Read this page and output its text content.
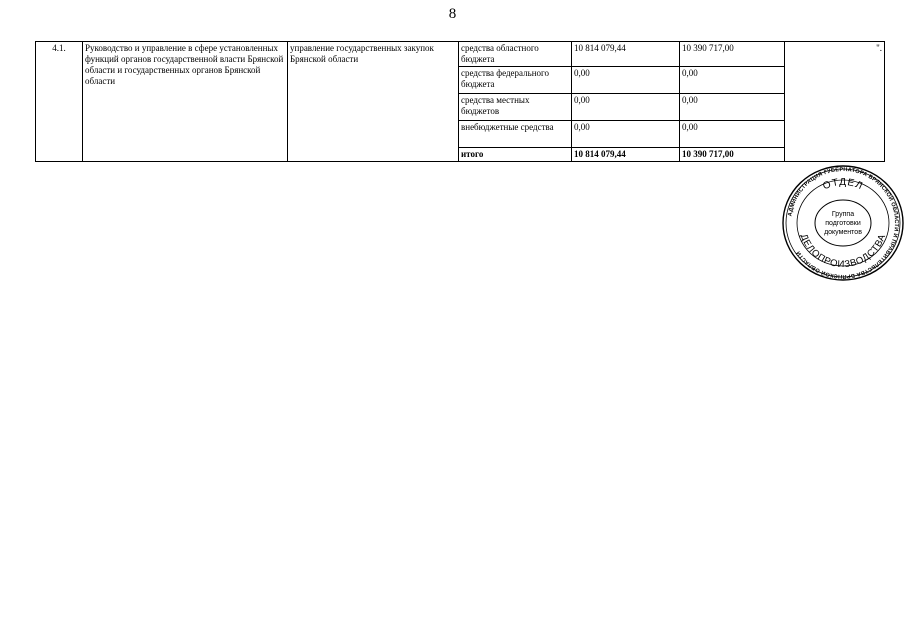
8
4.1.	Руководство и управление в сфере установленных функций органов государственной власти Брянской области и государственных органов Брянской области	управление государственных закупок Брянской области	средства областного бюджета	10 814 079,44	10 390 717,00	".
			средства федерального бюджета	0,00	0,00	
			средства местных бюджетов	0,00	0,00	
			внебюджетные средства	0,00	0,00	
			итого	10 814 079,44	10 390 717,00	
АДМИНИСТРАЦИЯ ГУБЕРНАТОРА БРЯНСКОЙ ОБЛАСТИ И ПРАВИТЕЛЬСТВА БРЯНСКОЙ ОБЛАСТИ
ОТДЕЛ
ДЕЛОПРОИЗВОДСТВА
Группа
подготовки
документов
